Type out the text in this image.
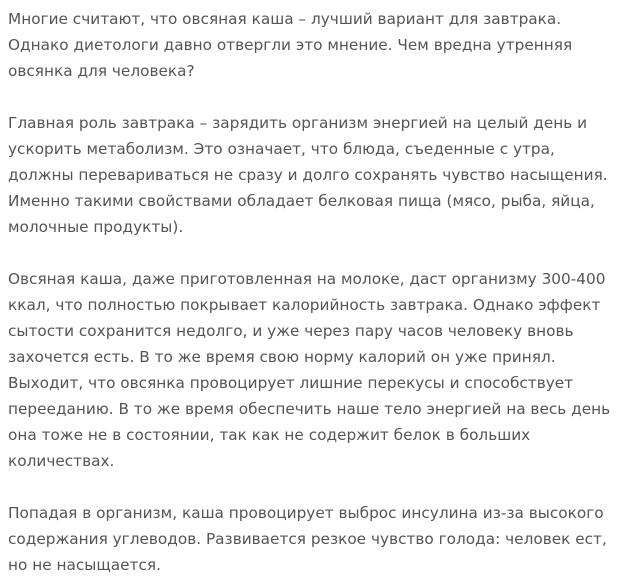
Многие считают, что овсяная каша – лучший вариант для завтрака. Однако диетологи давно отвергли это мнение. Чем вредна утренняя овсянка для человека?

Главная роль завтрака – зарядить организм энергией на целый день и ускорить метаболизм. Это означает, что блюда, съеденные с утра, должны перевариваться не сразу и долго сохранять чувство насыщения. Именно такими свойствами обладает белковая пища (мясо, рыба, яйца, молочные продукты).

Овсяная каша, даже приготовленная на молоке, даст организму 300-400 ккал, что полностью покрывает калорийность завтрака. Однако эффект сытости сохранится недолго, и уже через пару часов человеку вновь захочется есть. В то же время свою норму калорий он уже принял. Выходит, что овсянка провоцирует лишние перекусы и способствует перееданию. В то же время обеспечить наше тело энергией на весь день она тоже не в состоянии, так как не содержит белок в больших количествах.

Попадая в организм, каша провоцирует выброс инсулина из-за высокого содержания углеводов. Развивается резкое чувство голода: человек ест, но не насыщается.
